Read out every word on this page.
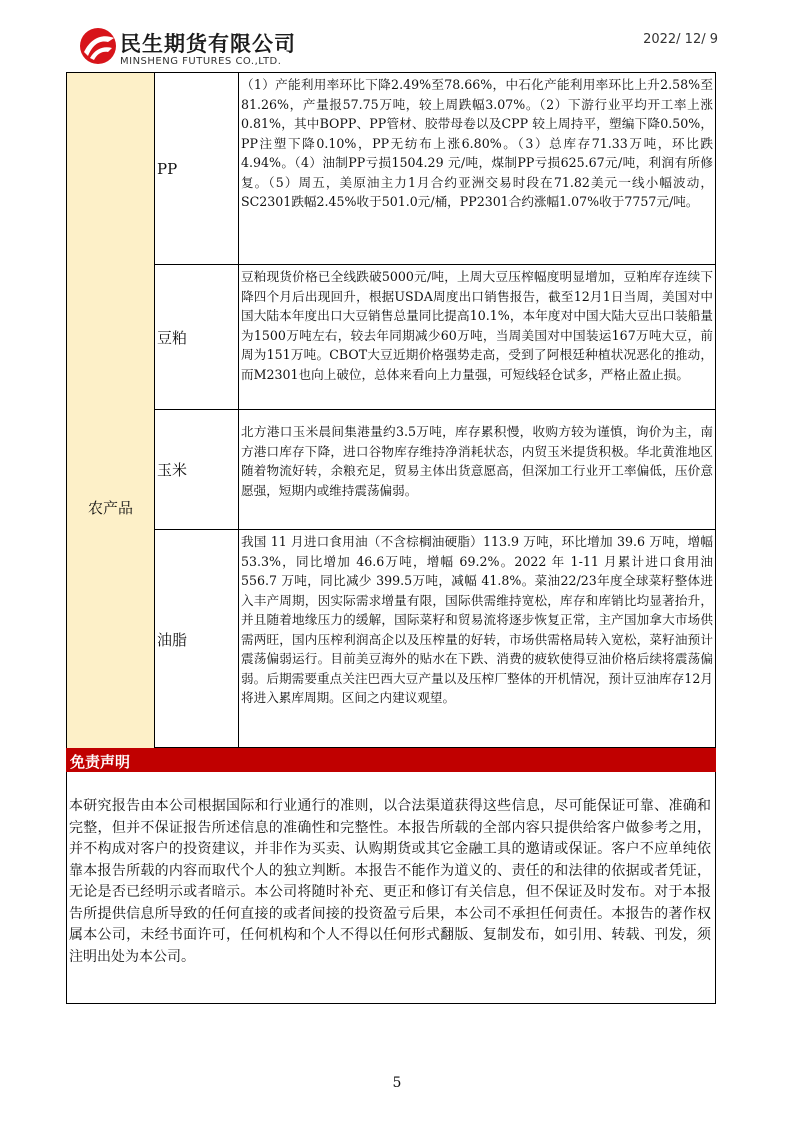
民生期货有限公司
MINSHENG FUTURES CO.,LTD.
2022/ 12/ 9
农产品
PP
（1）产能利用率环比下降2.49%至78.66%，中石化产能利用率环比上升2.58%至81.26%，产量报57.75万吨，较上周跌幅3.07%。（2）下游行业平均开工率上涨0.81%，其中BOPP、PP管材、胶带母卷以及CPP 较上周持平，塑编下降0.50%，PP注塑下降0.10%，PP无纺布上涨6.80%。（3）总库存71.33万吨，环比跌4.94%。（4）油制PP亏损1504.29 元/吨，煤制PP亏损625.67元/吨，利润有所修复。（5）周五，美原油主力1月合约亚洲交易时段在71.82美元一线小幅波动，SC2301跌幅2.45%收于501.0元/桶，PP2301合约涨幅1.07%收于7757元/吨。
豆粕
豆粕现货价格已全线跌破5000元/吨，上周大豆压榨幅度明显增加，豆粕库存连续下降四个月后出现回升，根据USDA周度出口销售报告，截至12月1日当周，美国对中国大陆本年度出口大豆销售总量同比提高10.1%，本年度对中国大陆大豆出口装船量为1500万吨左右，较去年同期减少60万吨，当周美国对中国装运167万吨大豆，前周为151万吨。CBOT大豆近期价格强势走高，受到了阿根廷种植状况恶化的推动，而M2301也向上破位，总体来看向上力量强，可短线轻仓试多，严格止盈止损。
玉米
北方港口玉米晨间集港量约3.5万吨，库存累积慢，收购方较为谨慎，询价为主，南方港口库存下降，进口谷物库存维持净消耗状态，内贸玉米提货积极。华北黄淮地区随着物流好转，余粮充足，贸易主体出货意愿高，但深加工行业开工率偏低，压价意愿强，短期内或维持震荡偏弱。
油脂
我国 11 月进口食用油（不含棕榈油硬脂）113.9 万吨，环比增加 39.6 万吨，增幅 53.3%，同比增加 46.6万吨，增幅 69.2%。2022 年 1-11 月累计进口食用油 556.7 万吨，同比减少 399.5万吨，减幅 41.8%。菜油22/23年度全球菜籽整体进入丰产周期，因实际需求增量有限，国际供需维持宽松，库存和库销比均显著抬升，并且随着地缘压力的缓解，国际菜籽和贸易流将逐步恢复正常，主产国加拿大市场供需两旺，国内压榨利润高企以及压榨量的好转，市场供需格局转入宽松，菜籽油预计震荡偏弱运行。目前美豆海外的贴水在下跌、消费的疲软使得豆油价格后续将震荡偏弱。后期需要重点关注巴西大豆产量以及压榨厂整体的开机情况，预计豆油库存12月将进入累库周期。区间之内建议观望。
免责声明
本研究报告由本公司根据国际和行业通行的准则，以合法渠道获得这些信息，尽可能保证可靠、准确和完整，但并不保证报告所述信息的准确性和完整性。本报告所载的全部内容只提供给客户做参考之用，并不构成对客户的投资建议，并非作为买卖、认购期货或其它金融工具的邀请或保证。客户不应单纯依靠本报告所载的内容而取代个人的独立判断。本报告不能作为道义的、责任的和法律的依据或者凭证，无论是否已经明示或者暗示。本公司将随时补充、更正和修订有关信息，但不保证及时发布。对于本报告所提供信息所导致的任何直接的或者间接的投资盈亏后果，本公司不承担任何责任。本报告的著作权属本公司，未经书面许可，任何机构和个人不得以任何形式翻版、复制发布，如引用、转载、刊发，须注明出处为本公司。
5
